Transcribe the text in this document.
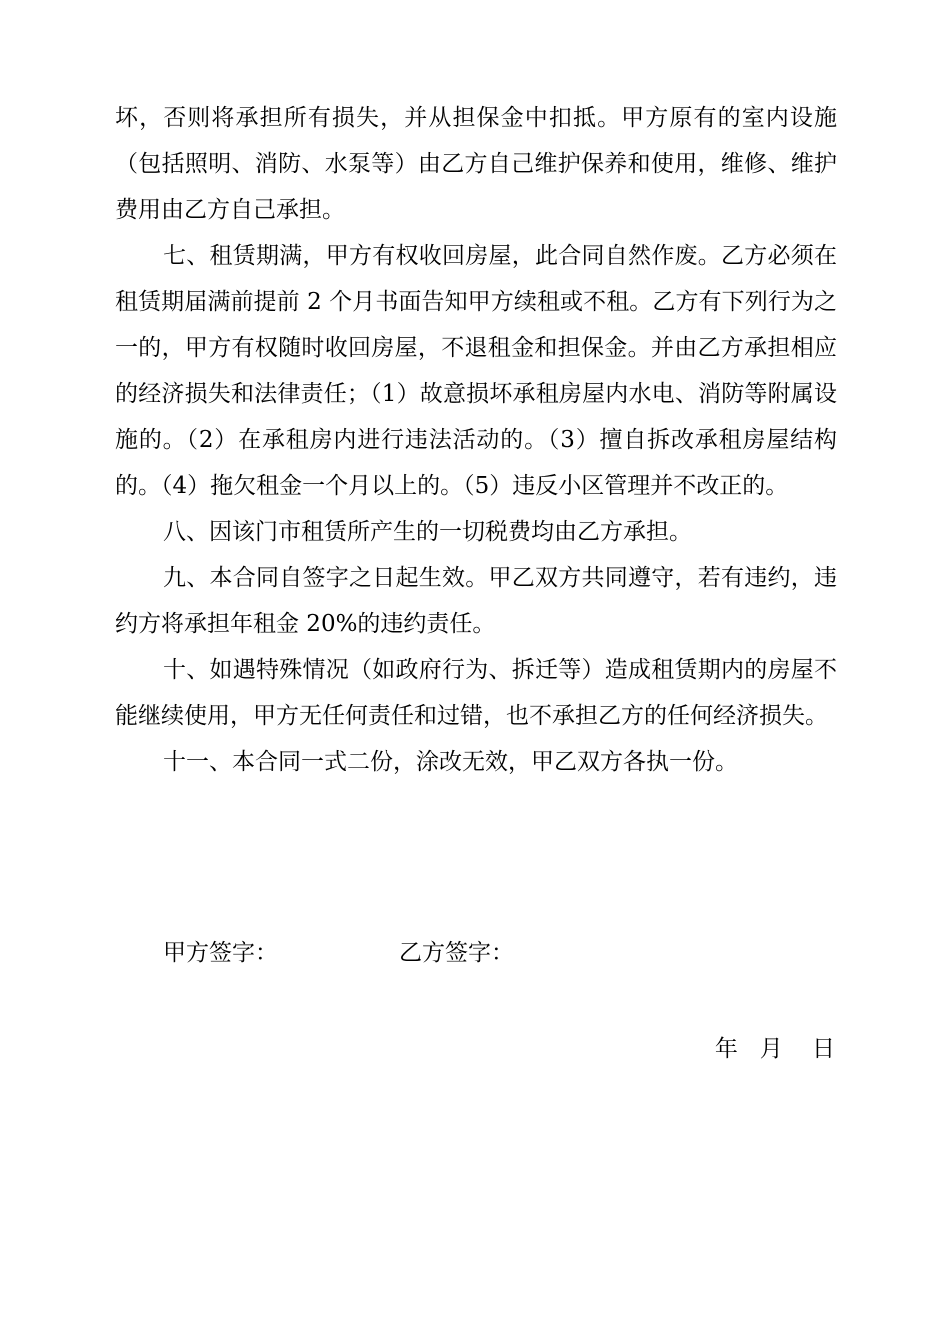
坏，否则将承担所有损失，并从担保金中扣抵。甲方原有的室内设施（包括照明、消防、水泵等）由乙方自己维护保养和使用，维修、维护费用由乙方自己承担。

七、租赁期满，甲方有权收回房屋，此合同自然作废。乙方必须在租赁期届满前提前 2 个月书面告知甲方续租或不租。乙方有下列行为之一的，甲方有权随时收回房屋，不退租金和担保金。并由乙方承担相应的经济损失和法律责任；（1）故意损坏承租房屋内水电、消防等附属设施的。（2）在承租房内进行违法活动的。（3）擅自拆改承租房屋结构的。（4）拖欠租金一个月以上的。（5）违反小区管理并不改正的。

八、因该门市租赁所产生的一切税费均由乙方承担。

九、本合同自签字之日起生效。甲乙双方共同遵守，若有违约，违约方将承担年租金 20%的违约责任。

十、如遇特殊情况（如政府行为、拆迁等）造成租赁期内的房屋不能继续使用，甲方无任何责任和过错，也不承担乙方的任何经济损失。

十一、本合同一式二份，涂改无效，甲乙双方各执一份。

甲方签字：	乙方签字：
年   月    日
